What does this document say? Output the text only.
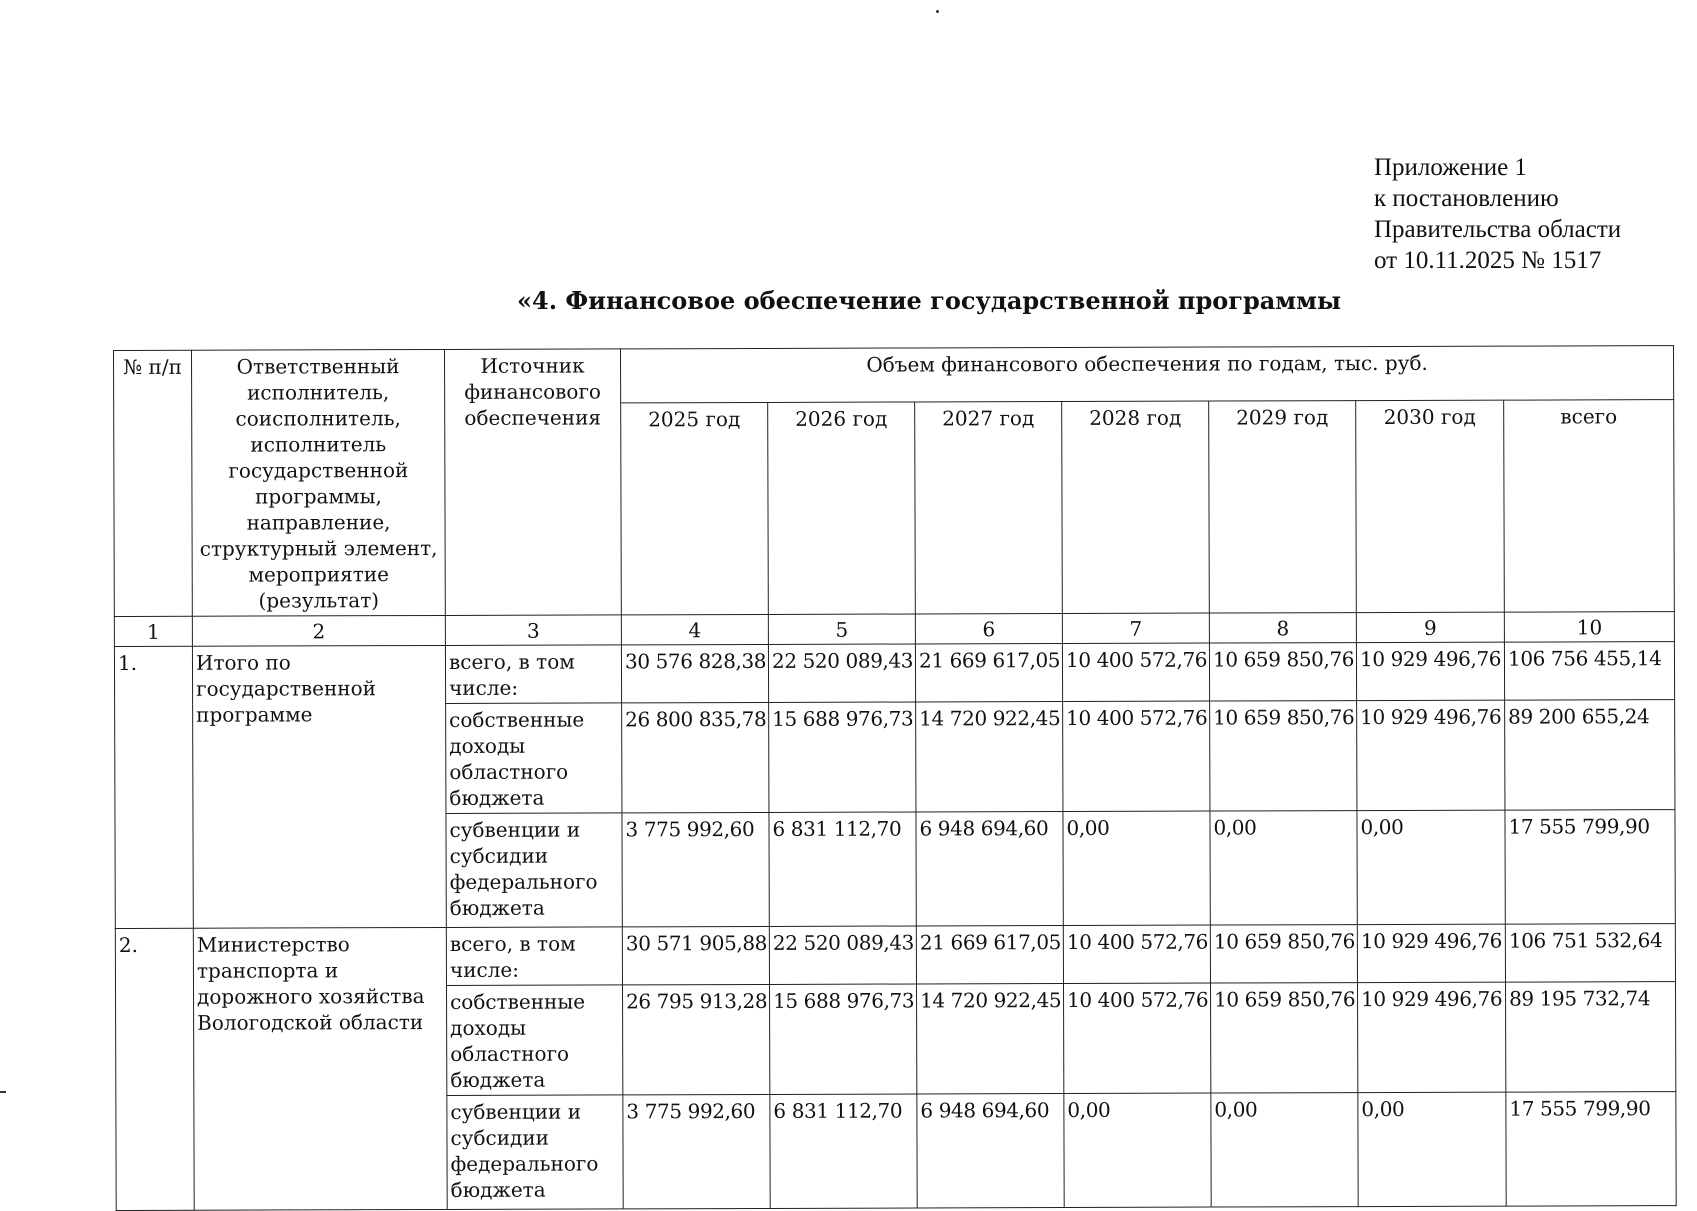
Приложение 1
к постановлению
Правительства области
от 10.11.2025 № 1517
«4. Финансовое обеспечение государственной программы
№ п/п	Ответственный исполнитель, соисполнитель, исполнитель государственной программы, направление, структурный элемент, мероприятие (результат)	Источник финансового обеспечения	Объем финансового обеспечения по годам, тыс. руб.						
			2025 год	2026 год	2027 год	2028 год	2029 год	2030 год	всего
1	2	3	4	5	6	7	8	9	10
1.	Итого по государственной программе	всего, в том числе:	30 576 828,38	22 520 089,43	21 669 617,05	10 400 572,76	10 659 850,76	10 929 496,76	106 756 455,14
		собственные доходы областного бюджета	26 800 835,78	15 688 976,73	14 720 922,45	10 400 572,76	10 659 850,76	10 929 496,76	89 200 655,24
		субвенции и субсидии федерального бюджета	3 775 992,60	6 831 112,70	6 948 694,60	0,00	0,00	0,00	17 555 799,90
2.	Министерство транспорта и дорожного хозяйства Вологодской области	всего, в том числе:	30 571 905,88	22 520 089,43	21 669 617,05	10 400 572,76	10 659 850,76	10 929 496,76	106 751 532,64
		собственные доходы областного бюджета	26 795 913,28	15 688 976,73	14 720 922,45	10 400 572,76	10 659 850,76	10 929 496,76	89 195 732,74
		субвенции и субсидии федерального бюджета	3 775 992,60	6 831 112,70	6 948 694,60	0,00	0,00	0,00	17 555 799,90
